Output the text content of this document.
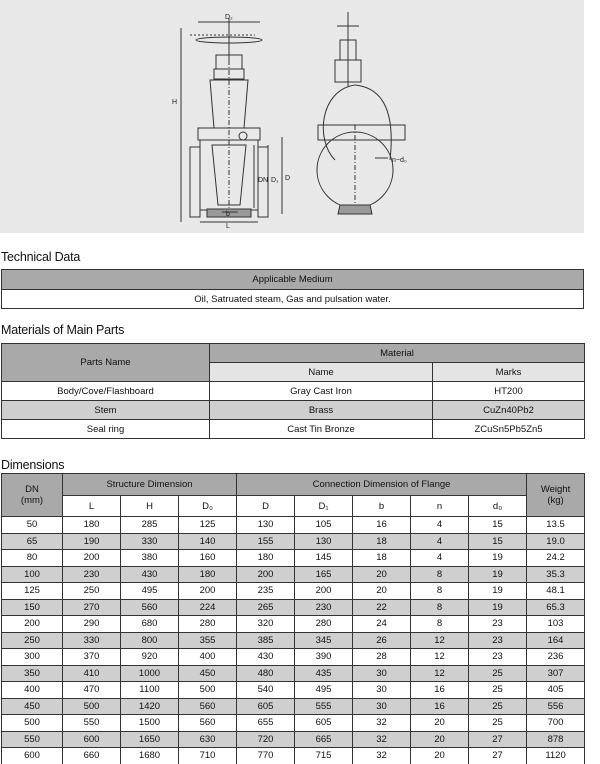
D₂
H
DN D₁ D
b
L
n−d₀
Technical Data
Applicable Medium
Oil, Satruated steam, Gas and pulsation water.
Materials of Main Parts
Parts Name	Material	
	Name	Marks
Body/Cove/Flashboard	Gray Cast Iron	HT200
Stem	Brass	CuZn40Pb2
Seal ring	Cast Tin Bronze	ZCuSn5Pb5Zn5
Dimensions
DN
(mm)	Structure Dimension			Connection Dimension of Flange					Weight
(kg)
	L	H	D₀	D	D₁	b	n	d₀	
50	180	285	125	130	105	16	4	15	13.5
65	190	330	140	155	130	18	4	15	19.0
80	200	380	160	180	145	18	4	19	24.2
100	230	430	180	200	165	20	8	19	35.3
125	250	495	200	235	200	20	8	19	48.1
150	270	560	224	265	230	22	8	19	65.3
200	290	680	280	320	280	24	8	23	103
250	330	800	355	385	345	26	12	23	164
300	370	920	400	430	390	28	12	23	236
350	410	1000	450	480	435	30	12	25	307
400	470	1100	500	540	495	30	16	25	405
450	500	1420	560	605	555	30	16	25	556
500	550	1500	560	655	605	32	20	25	700
550	600	1650	630	720	665	32	20	27	878
600	660	1680	710	770	715	32	20	27	1120
